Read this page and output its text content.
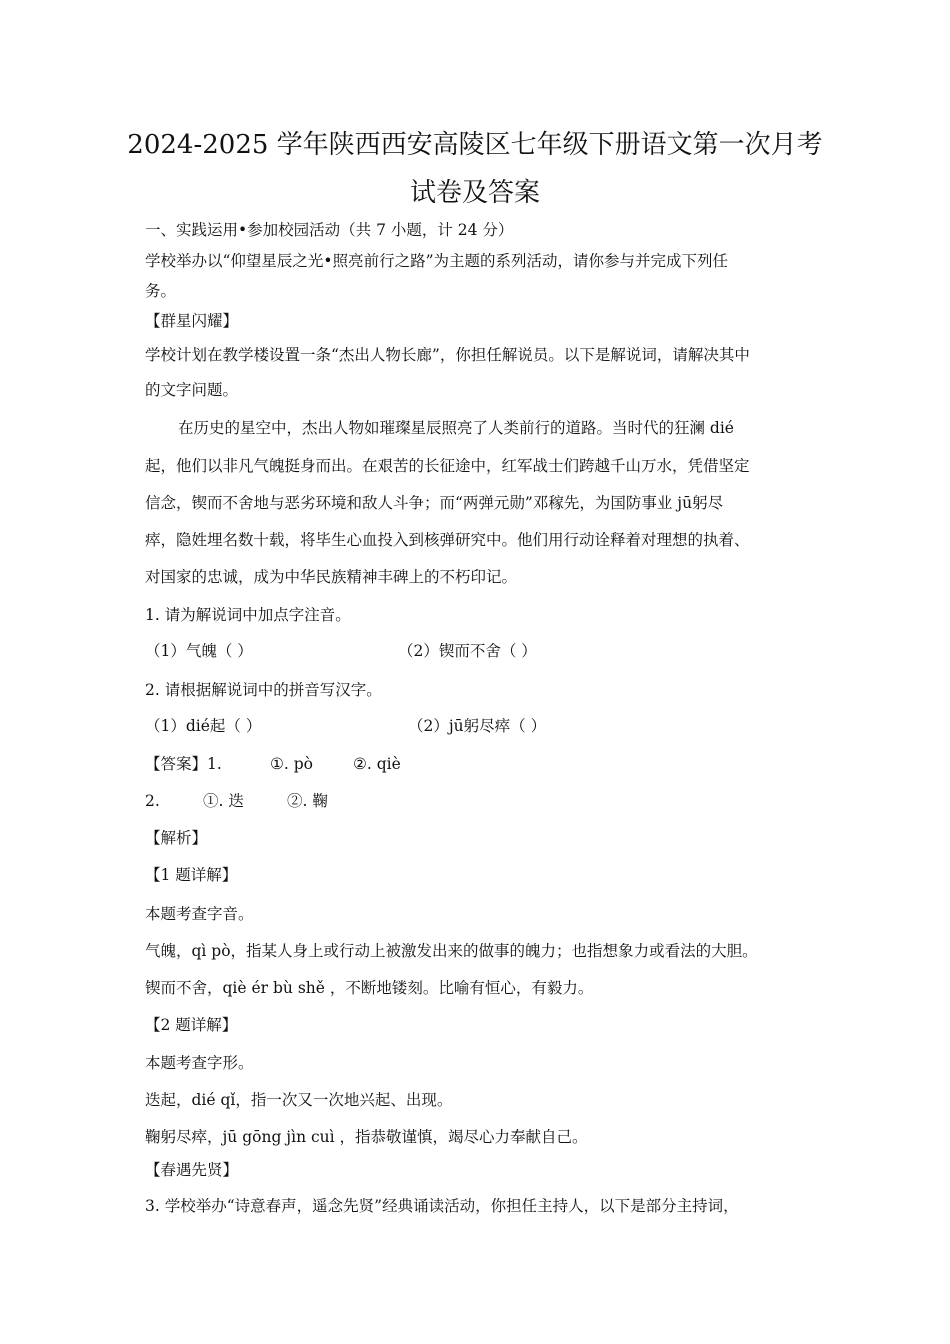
2024-2025 学年陕西西安高陵区七年级下册语文第一次月考
试卷及答案
一、实践运用•参加校园活动（共 7 小题，计 24 分）
学校举办以“仰望星辰之光•照亮前行之路”为主题的系列活动，请你参与并完成下列任
务。
【群星闪耀】
学校计划在教学楼设置一条“杰出人物长廊”，你担任解说员。以下是解说词，请解决其中
的文字问题。
在历史的星空中，杰出人物如璀璨星辰照亮了人类前行的道路。当时代的狂澜 dié
起，他们以非凡气魄挺身而出。在艰苦的长征途中，红军战士们跨越千山万水，凭借坚定
信念，锲而不舍地与恶劣环境和敌人斗争；而“两弹元勋”邓稼先，为国防事业 jū躬尽
瘁，隐姓埋名数十载，将毕生心血投入到核弹研究中。他们用行动诠释着对理想的执着、
对国家的忠诚，成为中华民族精神丰碑上的不朽印记。
1. 请为解说词中加点字注音。
（1）气魄（ ）	（2）锲而不舍（ ）
2. 请根据解说词中的拼音写汉字。
（1）dié起（ ）	（2）jū躬尽瘁（ ）
【答案】1.	①. pò	②. qiè
2.	①. 迭	②. 鞠
【解析】
【1 题详解】
本题考查字音。
气魄，qì pò，指某人身上或行动上被激发出来的做事的魄力；也指想象力或看法的大胆。
锲而不舍，qiè ér bù shě ，不断地镂刻。比喻有恒心，有毅力。
【2 题详解】
本题考查字形。
迭起，dié qǐ，指一次又一次地兴起、出现。
鞠躬尽瘁，jū gōng jìn cuì ，指恭敬谨慎，竭尽心力奉献自己。
【春遇先贤】
3. 学校举办“诗意春声，遥念先贤”经典诵读活动，你担任主持人，以下是部分主持词，
